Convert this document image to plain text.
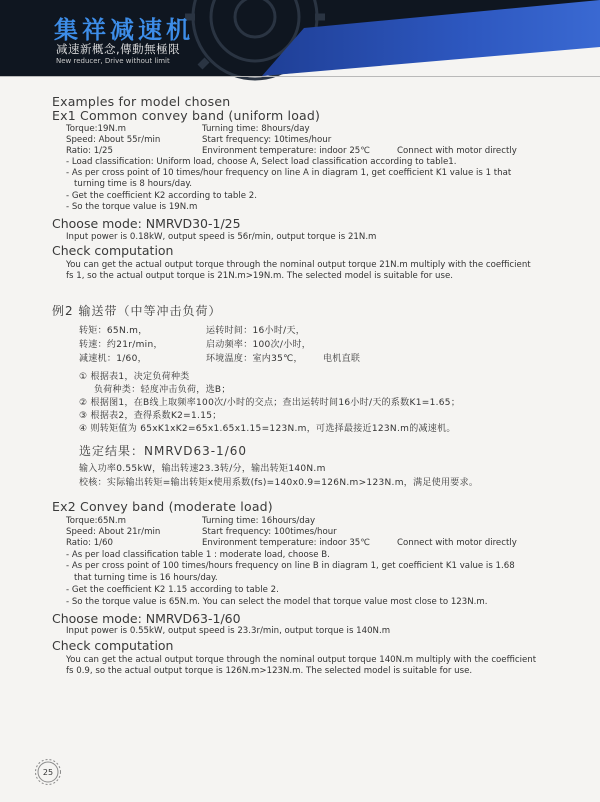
集祥减速机
减速新概念,傳動無極限
New reducer, Drive without limit
Examples for model chosen
Ex1 Common convey band (uniform load)
Torque:19N.m	Turning time: 8hours/day
Speed: About 55r/min	Start frequency: 10times/hour
Ratio: 1/25	Environment temperature: indoor 25℃	Connect with motor directly
- Load classification: Uniform load, choose A, Select load classification according to table1.
- As per cross point of 10 times/hour frequency on line A in diagram 1, get coefficient K1 value is 1 that
turning time is 8 hours/day.
- Get the coefficient K2 according to table 2.
- So the torque value is 19N.m
Choose mode: NMRVD30-1/25
Input power is 0.18kW, output speed is 56r/min, output torque is 21N.m
Check computation
You can get the actual output torque through the nominal output torque 21N.m multiply with the coefficient
fs 1, so the actual output torque is 21N.m>19N.m. The selected model is suitable for use.
例2 输送带（中等冲击负荷）
转矩：65N.m，	运转时间：16小时/天，
转速：约21r/min，	启动频率：100次/小时，
减速机：1/60，	环境温度：室内35℃， 电机直联
① 根据表1，决定负荷种类
负荷种类：轻度冲击负荷，选B；
② 根据图1，在B线上取频率100次/小时的交点；查出运转时间16小时/天的系数K1=1.65；
③ 根据表2，查得系数K2=1.15；
④ 则转矩值为 65xK1xK2=65x1.65x1.15=123N.m，可选择最接近123N.m的减速机。
选定结果：NMRVD63-1/60
输入功率0.55kW，输出转速23.3转/分，输出转矩140N.m
校核：实际输出转矩=输出转矩x使用系数(fs)=140x0.9=126N.m>123N.m，满足使用要求。
Ex2 Convey band (moderate load)
Torque:65N.m	Turning time: 16hours/day
Speed: About 21r/min	Start frequency: 100times/hour
Ratio: 1/60	Environment temperature: indoor 35℃	Connect with motor directly
- As per load classification table 1 : moderate load, choose B.
- As per cross point of 100 times/hours frequency on line B in diagram 1, get coefficient K1 value is 1.68
that turning time is 16 hours/day.
- Get the coefficient K2 1.15 according to table 2.
- So the torque value is 65N.m. You can select the model that torque value most close to 123N.m.
Choose mode: NMRVD63-1/60
Input power is 0.55kW, output speed is 23.3r/min, output torque is 140N.m
Check computation
You can get the actual output torque through the nominal output torque 140N.m multiply with the coefficient
fs 0.9, so the actual output torque is 126N.m>123N.m. The selected model is suitable for use.
25
